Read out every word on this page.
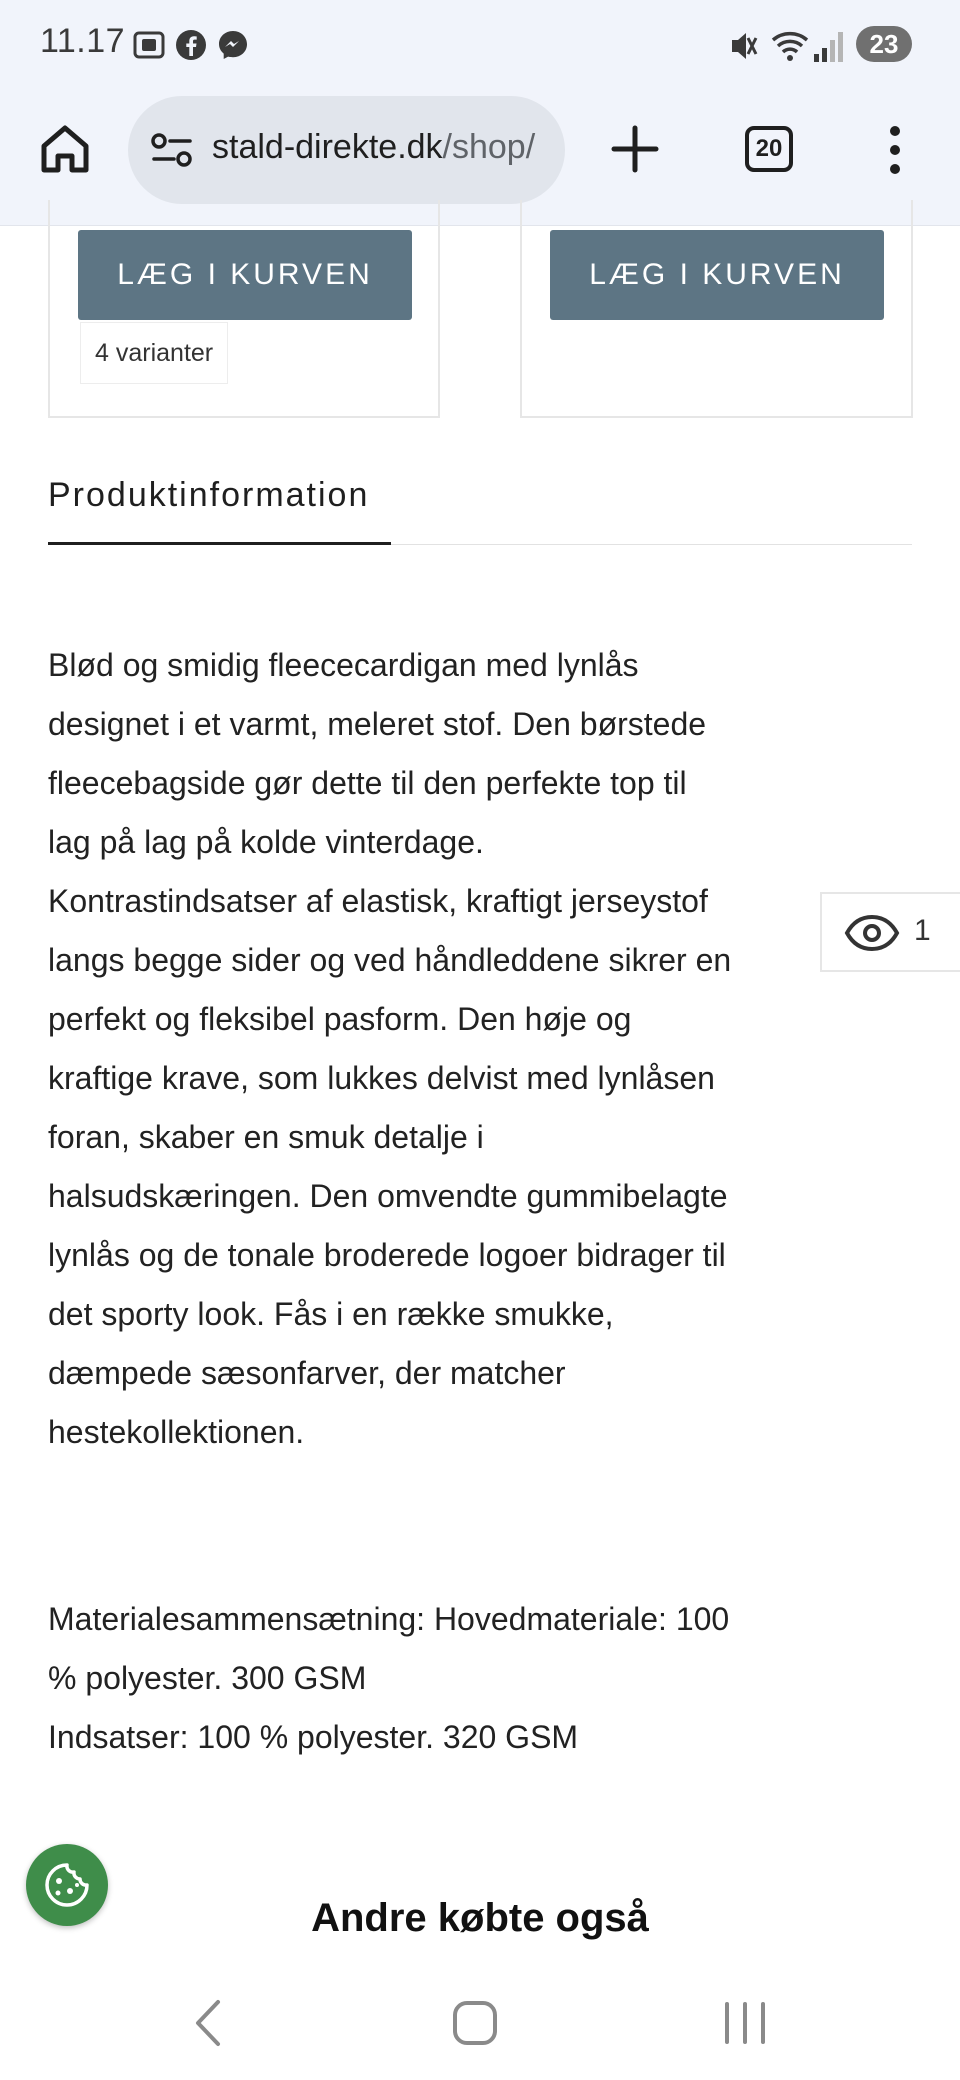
11.17	23
stald-direkte.dk/shop/	20
LÆG I KURVEN
4 varianter
LÆG I KURVEN
Produktinformation
Blød og smidig fleececardigan med lynlås
designet i et varmt, meleret stof. Den børstede
fleecebagside gør dette til den perfekte top til
lag på lag på kolde vinterdage.
Kontrastindsatser af elastisk, kraftigt jerseystof
langs begge sider og ved håndleddene sikrer en
perfekt og fleksibel pasform. Den høje og
kraftige krave, som lukkes delvist med lynlåsen
foran, skaber en smuk detalje i
halsudskæringen. Den omvendte gummibelagte
lynlås og de tonale broderede logoer bidrager til
det sporty look. Fås i en række smukke,
dæmpede sæsonfarver, der matcher
hestekollektionen.
Materialesammensætning: Hovedmateriale: 100
% polyester. 300 GSM
Indsatser: 100 % polyester. 320 GSM
1
Andre købte også
